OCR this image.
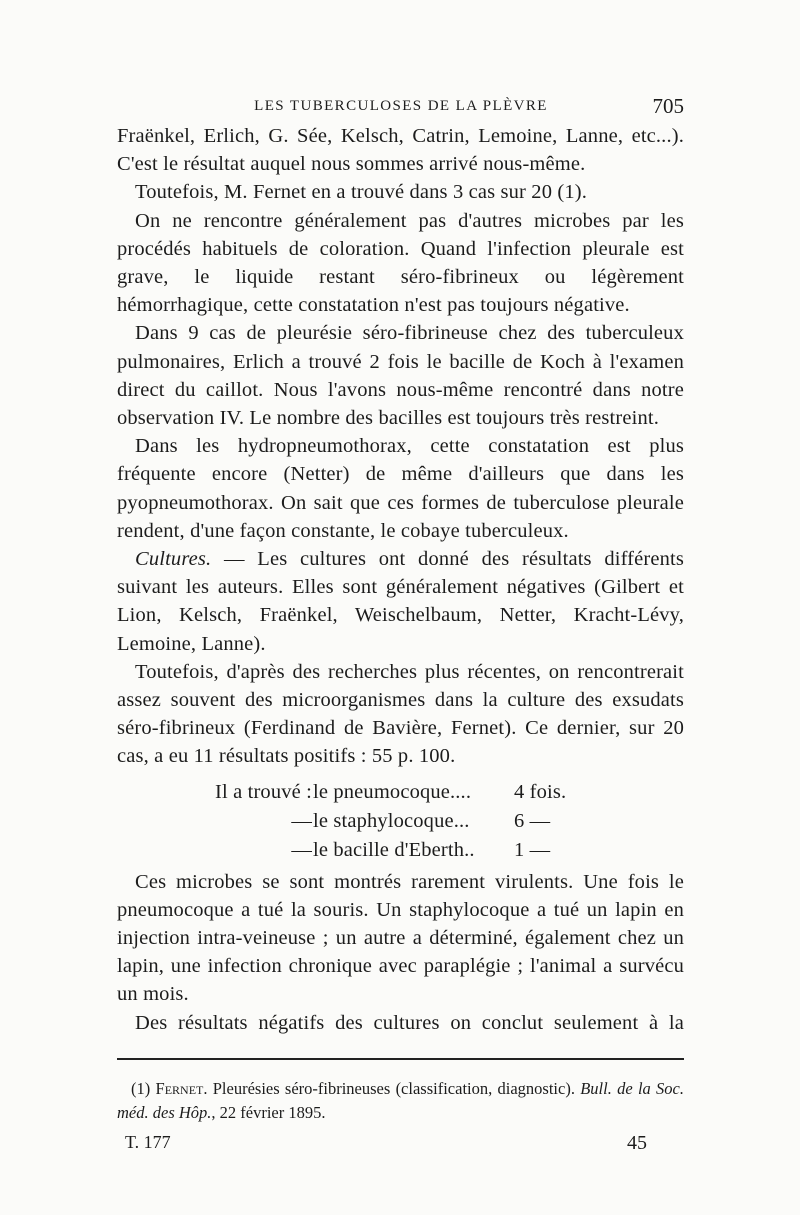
LES TUBERCULOSES DE LA PLÈVRE	705

Fraënkel, Erlich, G. Sée, Kelsch, Catrin, Lemoine, Lanne, etc...).

C'est le résultat auquel nous sommes arrivé nous-même.

Toutefois, M. Fernet en a trouvé dans 3 cas sur 20 (1).

On ne rencontre généralement pas d'autres microbes par les procédés habituels de coloration. Quand l'infection pleurale est grave, le liquide restant séro-fibrineux ou légèrement hémorrhagique, cette constatation n'est pas toujours négative.

Dans 9 cas de pleurésie séro-fibrineuse chez des tuberculeux pulmonaires, Erlich a trouvé 2 fois le bacille de Koch à l'examen direct du caillot. Nous l'avons nous-même rencontré dans notre observation IV. Le nombre des bacilles est toujours très restreint.

Dans les hydropneumothorax, cette constatation est plus fréquente encore (Netter) de même d'ailleurs que dans les pyopneumothorax. On sait que ces formes de tuberculose pleurale rendent, d'une façon constante, le cobaye tuberculeux.

Cultures. — Les cultures ont donné des résultats différents suivant les auteurs. Elles sont généralement négatives (Gilbert et Lion, Kelsch, Fraënkel, Weischelbaum, Netter, Kracht-Lévy, Lemoine, Lanne).

Toutefois, d'après des recherches plus récentes, on rencontrerait assez souvent des microorganismes dans la culture des exsudats séro-fibrineux (Ferdinand de Bavière, Fernet). Ce dernier, sur 20 cas, a eu 11 résultats positifs : 55 p. 100.

Il a trouvé : le pneumocoque.... 4 fois.
— le staphylocoque... 6 —
— le bacille d'Eberth.. 1 —

Ces microbes se sont montrés rarement virulents. Une fois le pneumocoque a tué la souris. Un staphylocoque a tué un lapin en injection intra-veineuse ; un autre a déterminé, également chez un lapin, une infection chronique avec paraplégie ; l'animal a survécu un mois.

Des résultats négatifs des cultures on conclut seulement à la

(1) Fernet. Pleurésies séro-fibrineuses (classification, diagnostic). Bull. de la Soc. méd. des Hôp., 22 février 1895.

T. 177	45
